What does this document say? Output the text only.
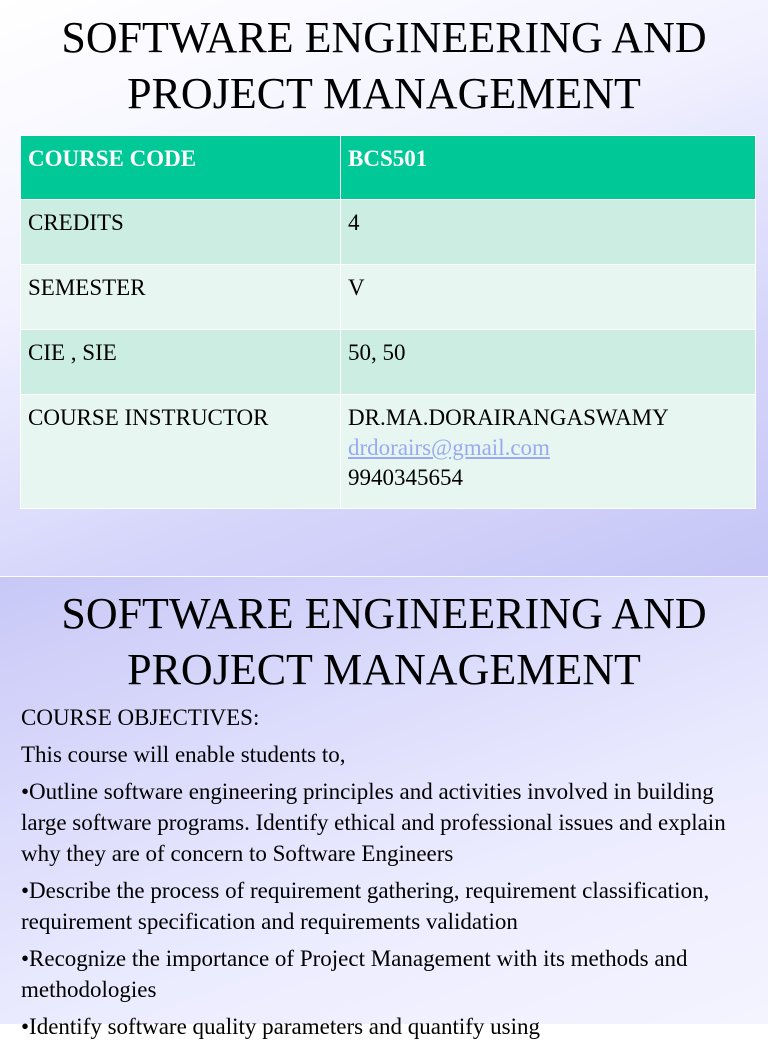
SOFTWARE ENGINEERING AND
PROJECT MANAGEMENT
COURSE CODE	BCS501
CREDITS	4
SEMESTER	V
CIE , SIE	50, 50
COURSE INSTRUCTOR	DR.MA.DORAIRANGASWAMY
drdorairs@gmail.com
9940345654
SOFTWARE ENGINEERING AND
PROJECT MANAGEMENT

COURSE OBJECTIVES:

This course will enable students to,

•Outline software engineering principles and activities involved in building large software programs. Identify ethical and professional issues and explain why they are of concern to Software Engineers

•Describe the process of requirement gathering, requirement classification, requirement specification and requirements validation

•Recognize the importance of Project Management with its methods and methodologies

•Identify software quality parameters and quantify using
